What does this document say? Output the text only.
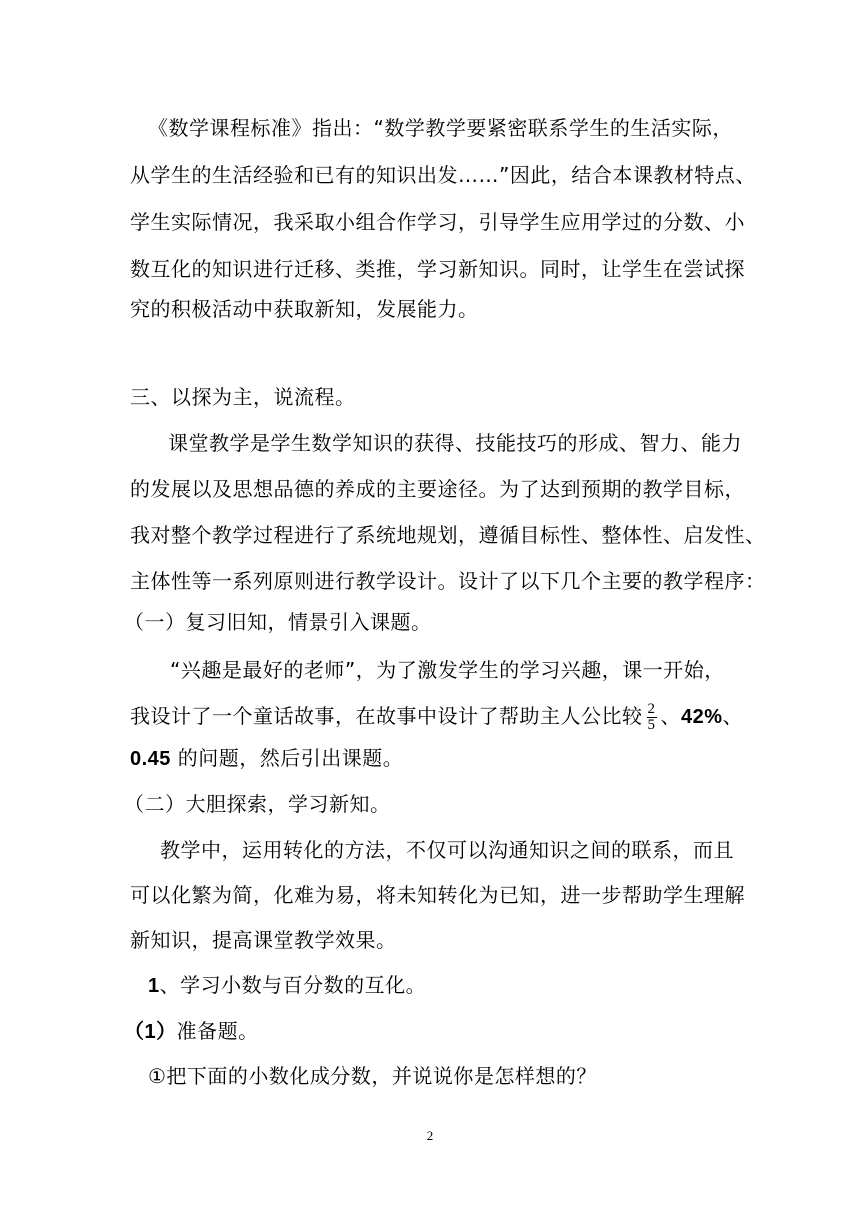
《数学课程标准》指出：“数学教学要紧密联系学生的生活实际，
从学生的生活经验和已有的知识出发……”因此，结合本课教材特点、
学生实际情况，我采取小组合作学习，引导学生应用学过的分数、小
数互化的知识进行迁移、类推，学习新知识。同时，让学生在尝试探
究的积极活动中获取新知，发展能力。
三、以探为主，说流程。
课堂教学是学生数学知识的获得、技能技巧的形成、智力、能力
的发展以及思想品德的养成的主要途径。为了达到预期的教学目标，
我对整个教学过程进行了系统地规划，遵循目标性、整体性、启发性、
主体性等一系列原则进行教学设计。设计了以下几个主要的教学程序：
（一）复习旧知，情景引入课题。
“兴趣是最好的老师”，为了激发学生的学习兴趣，课一开始，
我设计了一个童话故事，在故事中设计了帮助主人公比较 $\frac{2}{5}$ 、42%、
0.45 的问题，然后引出课题。
（二）大胆探索，学习新知。
教学中，运用转化的方法，不仅可以沟通知识之间的联系，而且
可以化繁为简，化难为易，将未知转化为已知，进一步帮助学生理解
新知识，提高课堂教学效果。
1、学习小数与百分数的互化。
（1）准备题。
①把下面的小数化成分数，并说说你是怎样想的？
2
